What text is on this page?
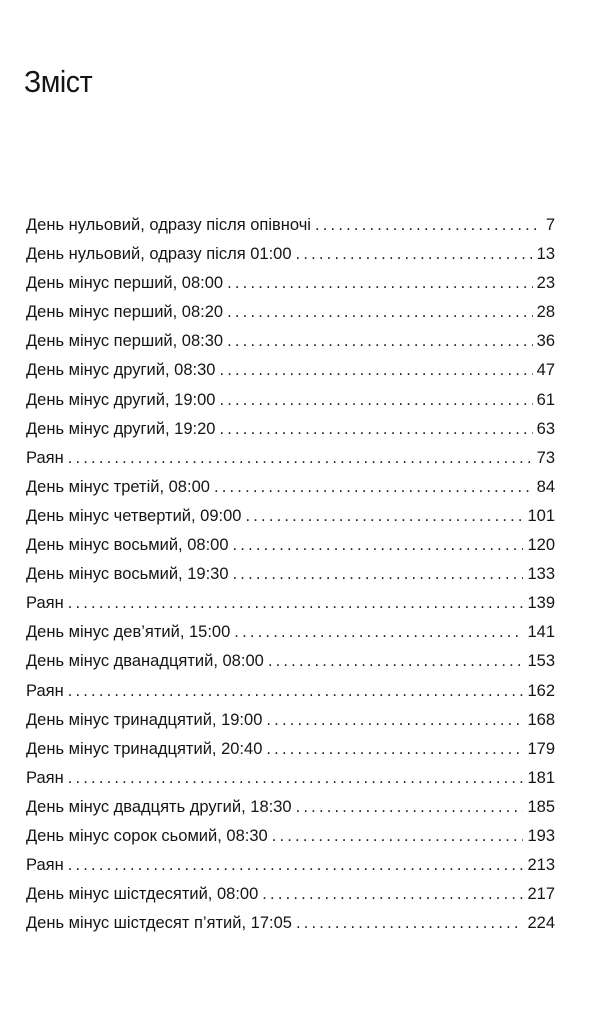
Зміст
День нульовий, одразу після опівночі .....	7
День нульовий, одразу після 01:00 .....	13
День мінус перший, 08:00 .....	23
День мінус перший, 08:20 .....	28
День мінус перший, 08:30 .....	36
День мінус другий, 08:30 .....	47
День мінус другий, 19:00 .....	61
День мінус другий, 19:20 .....	63
Раян .....	73
День мінус третій, 08:00 .....	84
День мінус четвертий, 09:00 .....	101
День мінус восьмий, 08:00 .....	120
День мінус восьмий, 19:30 .....	133
Раян .....	139
День мінус дев’ятий, 15:00 .....	141
День мінус дванадцятий, 08:00 .....	153
Раян .....	162
День мінус тринадцятий, 19:00 .....	168
День мінус тринадцятий, 20:40 .....	179
Раян .....	181
День мінус двадцять другий, 18:30 .....	185
День мінус сорок сьомий, 08:30 .....	193
Раян .....	213
День мінус шістдесятий, 08:00 .....	217
День мінус шістдесят п’ятий, 17:05 .....	224
